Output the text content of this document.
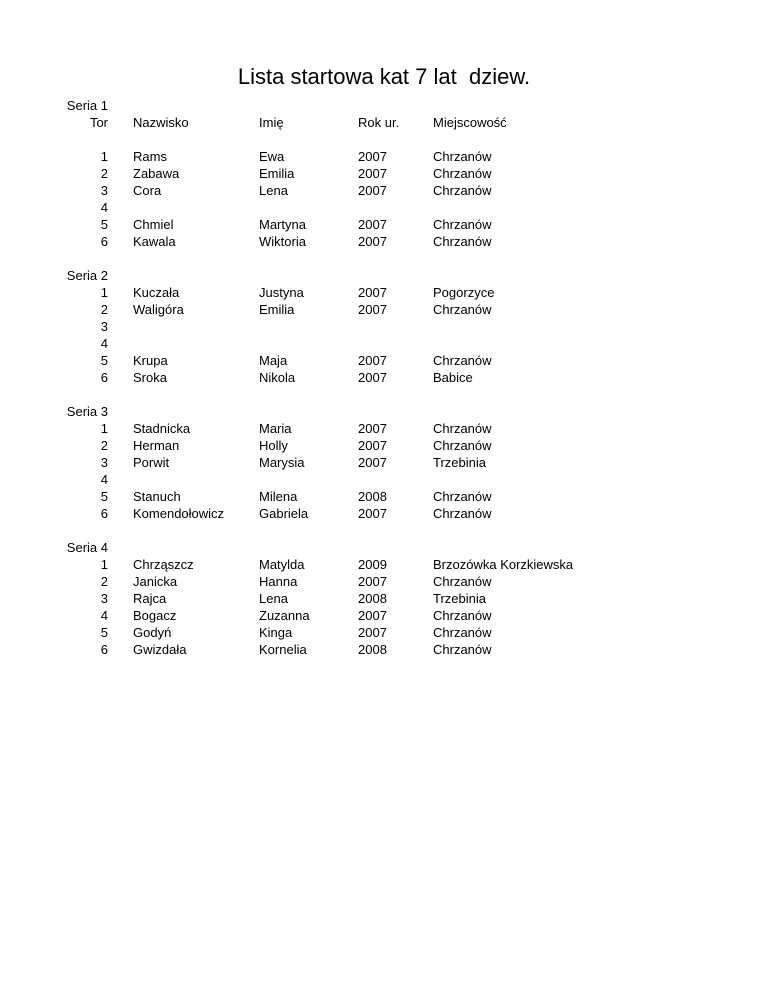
Lista startowa kat 7 lat  dziew.
Seria 1
Tor Nazwisko	Imię	Rok ur.	Miejscowość
1 Rams	Ewa	2007	Chrzanów
2 Zabawa	Emilia	2007	Chrzanów
3 Cora	Lena	2007	Chrzanów
4
5 Chmiel	Martyna	2007	Chrzanów
6 Kawala	Wiktoria	2007	Chrzanów
Seria 2
1 Kuczała	Justyna	2007	Pogorzyce
2 Waligóra	Emilia	2007	Chrzanów
3
4
5 Krupa	Maja	2007	Chrzanów
6 Sroka	Nikola	2007	Babice
Seria 3
1 Stadnicka	Maria	2007	Chrzanów
2 Herman	Holly	2007	Chrzanów
3 Porwit	Marysia	2007	Trzebinia
4
5 Stanuch	Milena	2008	Chrzanów
6 Komendołowicz	Gabriela	2007	Chrzanów
Seria 4
1 Chrząszcz	Matylda	2009	Brzozówka Korzkiewska
2 Janicka	Hanna	2007	Chrzanów
3 Rajca	Lena	2008	Trzebinia
4 Bogacz	Zuzanna	2007	Chrzanów
5 Godyń	Kinga	2007	Chrzanów
6 Gwizdała	Kornelia	2008	Chrzanów
